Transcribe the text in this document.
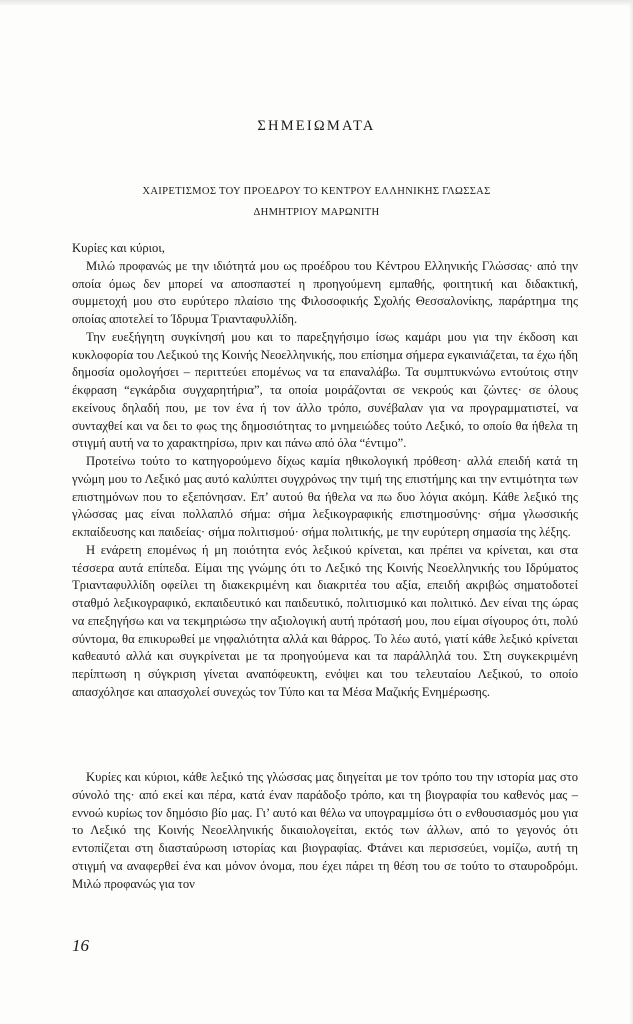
ΣΗΜΕΙΩΜΑΤΑ
ΧΑΙΡΕΤΙΣΜΟΣ ΤΟΥ ΠΡΟΕΔΡΟΥ ΤΟ ΚΕΝΤΡΟΥ ΕΛΛΗΝΙΚΗΣ ΓΛΩΣΣΑΣ
ΔΗΜΗΤΡΙΟΥ ΜΑΡΩΝΙΤΗ

Κυρίες και κύριοι,

Μιλώ προφανώς με την ιδιότητά μου ως προέδρου του Κέντρου Ελληνικής Γλώσσας· από την οποία όμως δεν μπορεί να αποσπαστεί η προηγούμενη εμπαθής, φοιτητική και διδακτική, συμμετοχή μου στο ευρύτερο πλαίσιο της Φιλοσοφικής Σχολής Θεσσαλονίκης, παράρτημα της οποίας αποτελεί το Ίδρυμα Τριανταφυλλίδη.

Την ευεξήγητη συγκίνησή μου και το παρεξηγήσιμο ίσως καμάρι μου για την έκδοση και κυκλοφορία του Λεξικού της Κοινής Νεοελληνικής, που επίσημα σήμερα εγκαινιάζεται, τα έχω ήδη δημοσία ομολογήσει – περιττεύει επομένως να τα επαναλάβω. Τα συμπτυκνώνω εντούτοις στην έκφραση “εγκάρδια συγχαρητήρια”, τα οποία μοιράζονται σε νεκρούς και ζώντες· σε όλους εκείνους δηλαδή που, με τον ένα ή τον άλλο τρόπο, συνέβαλαν για να προγραμματιστεί, να συνταχθεί και να δει το φως της δημοσιότητας το μνημειώδες τούτο Λεξικό, το οποίο θα ήθελα τη στιγμή αυτή να το χαρακτηρίσω, πριν και πάνω από όλα “έντιμο”.

Προτείνω τούτο το κατηγορούμενο δίχως καμία ηθικολογική πρόθεση· αλλά επειδή κατά τη γνώμη μου το Λεξικό μας αυτό καλύπτει συγχρόνως την τιμή της επιστήμης και την εντιμότητα των επιστημόνων που το εξεπόνησαν. Επ’ αυτού θα ήθελα να πω δυο λόγια ακόμη. Κάθε λεξικό της γλώσσας μας είναι πολλαπλό σήμα: σήμα λεξικογραφικής επιστημοσύνης· σήμα γλωσσικής εκπαίδευσης και παιδείας· σήμα πολιτισμού· σήμα πολιτικής, με την ευρύτερη σημασία της λέξης.

Η ενάρετη επομένως ή μη ποιότητα ενός λεξικού κρίνεται, και πρέπει να κρίνεται, και στα τέσσερα αυτά επίπεδα. Είμαι της γνώμης ότι το Λεξικό της Κοινής Νεοελληνικής του Ιδρύματος Τριανταφυλλίδη οφείλει τη διακεκριμένη και διακριτέα του αξία, επειδή ακριβώς σηματοδοτεί σταθμό λεξικογραφικό, εκπαιδευτικό και παιδευτικό, πολιτισμικό και πολιτικό. Δεν είναι της ώρας να επεξηγήσω και να τεκμηριώσω την αξιολογική αυτή πρότασή μου, που είμαι σίγουρος ότι, πολύ σύντομα, θα επικυρωθεί με νηφαλιότητα αλλά και θάρρος. Το λέω αυτό, γιατί κάθε λεξικό κρίνεται καθεαυτό αλλά και συγκρίνεται με τα προηγούμενα και τα παράλληλά του. Στη συγκεκριμένη περίπτωση η σύγκριση γίνεται αναπόφευκτη, ενόψει και του τελευταίου Λεξικού, το οποίο απασχόλησε και απασχολεί συνεχώς τον Τύπο και τα Μέσα Μαζικής Ενημέρωσης.

Κυρίες και κύριοι, κάθε λεξικό της γλώσσας μας διηγείται με τον τρόπο του την ιστορία μας στο σύνολό της· από εκεί και πέρα, κατά έναν παράδοξο τρόπο, και τη βιογραφία του καθενός μας – εννοώ κυρίως τον δημόσιο βίο μας. Γι’ αυτό και θέλω να υπογραμμίσω ότι ο ενθουσιασμός μου για το Λεξικό της Κοινής Νεοελληνικής δικαιολογείται, εκτός των άλλων, από το γεγονός ότι εντοπίζεται στη διασταύρωση ιστορίας και βιογραφίας. Φτάνει και περισσεύει, νομίζω, αυτή τη στιγμή να αναφερθεί ένα και μόνον όνομα, που έχει πάρει τη θέση του σε τούτο το σταυροδρόμι. Μιλώ προφανώς για τον

16
